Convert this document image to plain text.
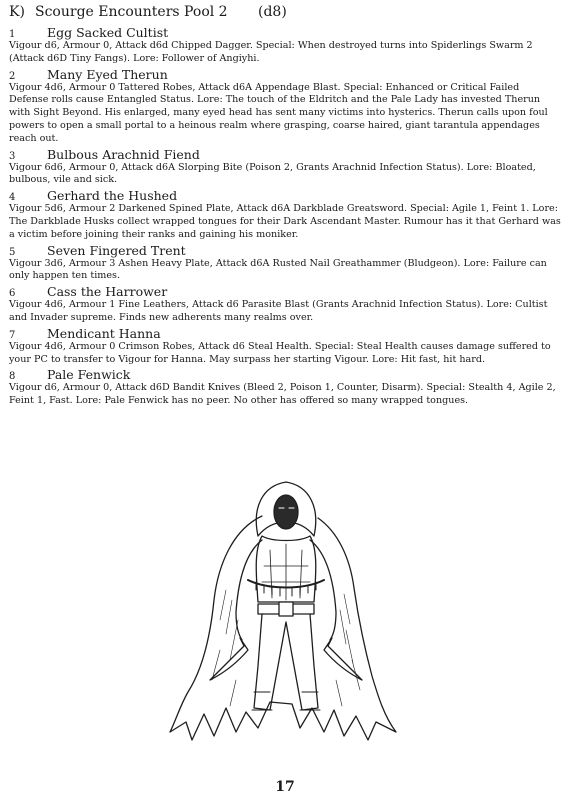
K) Scourge Encounters Pool 2 (d8)
1	Egg Sacked Cultist

Vigour d6, Armour 0, Attack d6d Chipped Dagger. Special: When destroyed turns into Spiderlings Swarm 2 (Attack d6D Tiny Fangs). Lore: Follower of Angiyhi.

2	Many Eyed Therun

Vigour 4d6, Armour 0 Tattered Robes, Attack d6A Appendage Blast. Special: Enhanced or Critical Failed Defense rolls cause Entangled Status. Lore: The touch of the Eldritch and the Pale Lady has invested Therun with Sight Beyond. His enlarged, many eyed head has sent many victims into hysterics. Therun calls upon foul powers to open a small portal to a heinous realm where grasping, coarse haired, giant tarantula appendages reach out.

3	Bulbous Arachnid Fiend

Vigour 6d6, Armour 0, Attack d6A Slorping Bite (Poison 2, Grants Arachnid Infection Status). Lore: Bloated, bulbous, vile and sick.

4	Gerhard the Hushed

Vigour 5d6, Armour 2 Darkened Spined Plate, Attack d6A Darkblade Greatsword. Special: Agile 1, Feint 1. Lore: The Darkblade Husks collect wrapped tongues for their Dark Ascendant Master. Rumour has it that Gerhard was a victim before joining their ranks and gaining his moniker.

5	Seven Fingered Trent

Vigour 3d6, Armour 3 Ashen Heavy Plate, Attack d6A Rusted Nail Greathammer (Bludgeon). Lore: Failure can only happen ten times.

6	Cass the Harrower

Vigour 4d6, Armour 1 Fine Leathers, Attack d6 Parasite Blast (Grants Arachnid Infection Status). Lore: Cultist and Invader supreme. Finds new adherents many realms over.

7	Mendicant Hanna

Vigour 4d6, Armour 0 Crimson Robes, Attack d6 Steal Health. Special: Steal Health causes damage suffered to your PC to transfer to Vigour for Hanna. May surpass her starting Vigour. Lore: Hit fast, hit hard.

8	Pale Fenwick

Vigour d6, Armour 0, Attack d6D Bandit Knives (Bleed 2, Poison 1, Counter, Disarm). Special: Stealth 4, Agile 2, Feint 1, Fast. Lore: Pale Fenwick has no peer. No other has offered so many wrapped tongues.

17
